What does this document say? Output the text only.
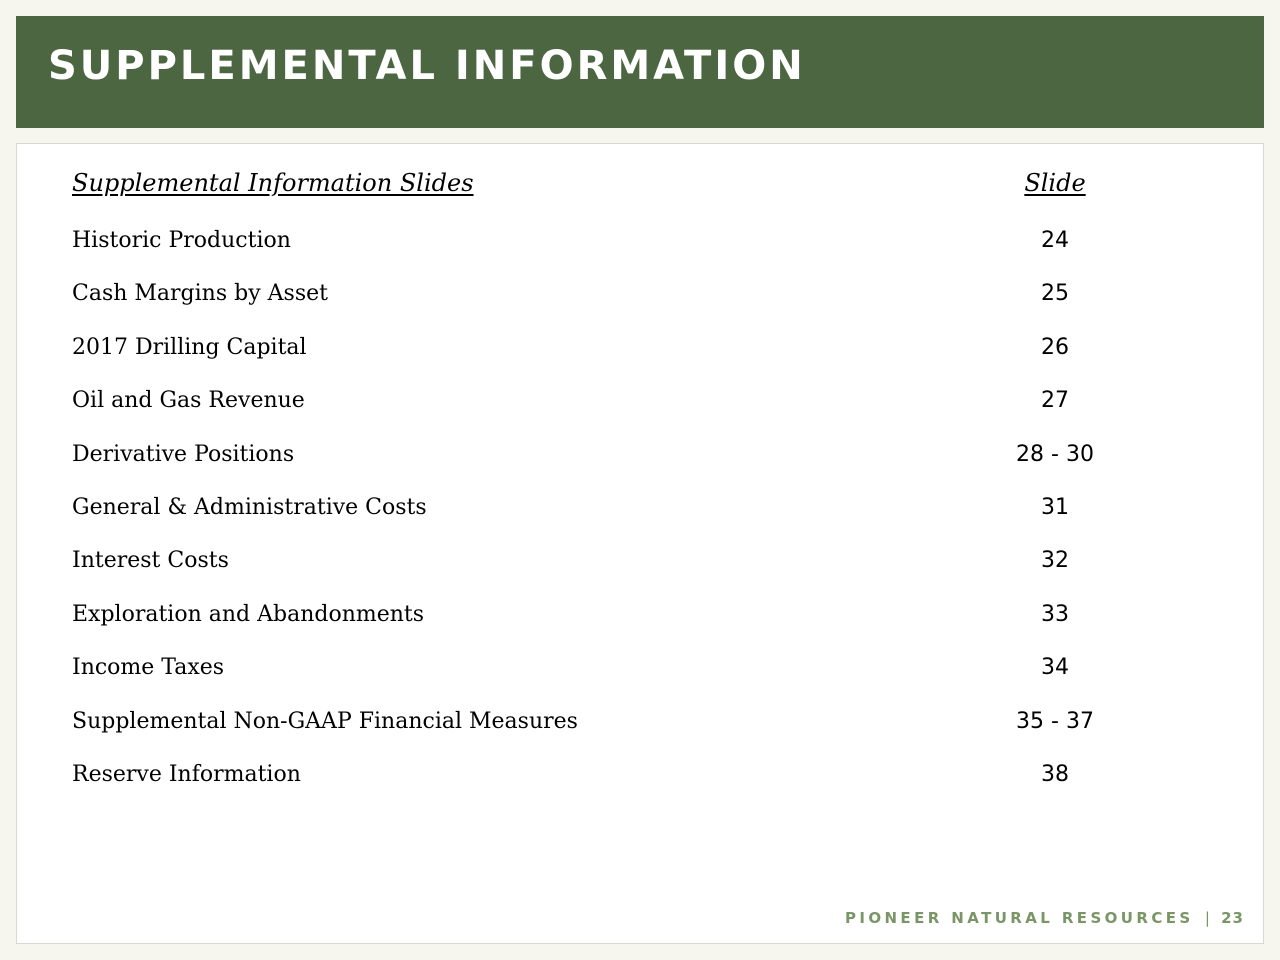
SUPPLEMENTAL INFORMATION
Supplemental Information Slides	Slide
Historic Production	24
Cash Margins by Asset	25
2017 Drilling Capital	26
Oil and Gas Revenue	27
Derivative Positions	28 - 30
General & Administrative Costs	31
Interest Costs	32
Exploration and Abandonments	33
Income Taxes	34
Supplemental Non-GAAP Financial Measures	35 - 37
Reserve Information	38
PIONEER NATURAL RESOURCES | 23
